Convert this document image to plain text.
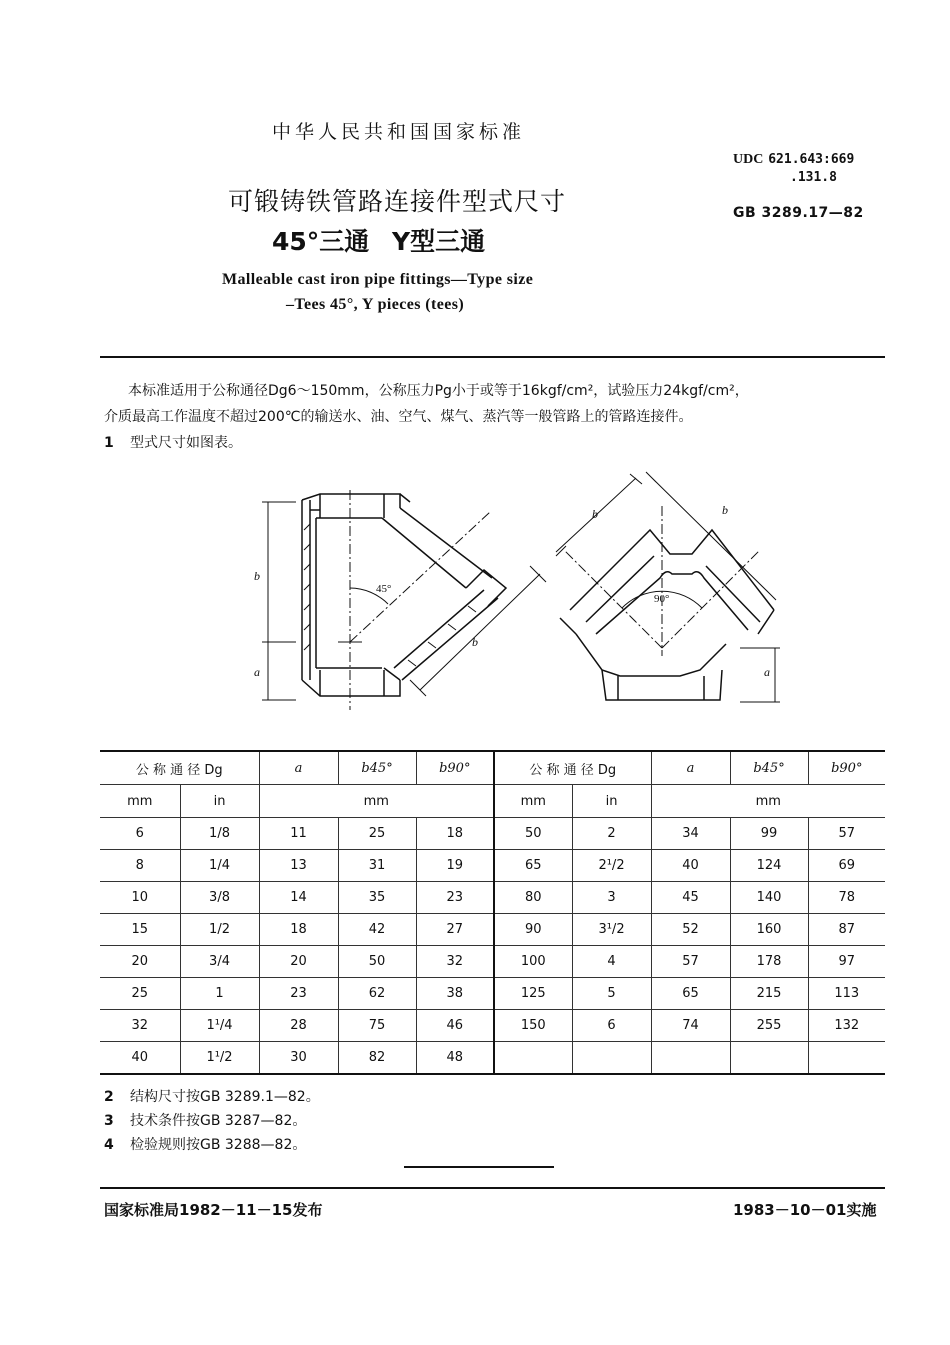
中华人民共和国国家标准
UDC 621.643:669
.131.8
GB 3289.17—82
可锻铸铁管路连接件型式尺寸
45°三通 Y型三通
Malleable cast iron pipe fittings—Type size
–Tees 45°, Y pieces (tees)
本标准适用于公称通径Dg6～150mm，公称压力Pg小于或等于16kgf/cm²，试验压力24kgf/cm²，
介质最高工作温度不超过200℃的输送水、油、空气、煤气、蒸汽等一般管路上的管路连接件。
1 型式尺寸如图表。
b
a
b
b	b
a
45°
90°
公 称 通 径 Dg		a	b45°	b90°	公 称 通 径 Dg		a	b45°	b90°
mm	in	mm			mm	in	mm		
6	1/8	11	25	18	50	2	34	99	57
8	1/4	13	31	19	65	2¹/2	40	124	69
10	3/8	14	35	23	80	3	45	140	78
15	1/2	18	42	27	90	3¹/2	52	160	87
20	3/4	20	50	32	100	4	57	178	97
25	1	23	62	38	125	5	65	215	113
32	1¹/4	28	75	46	150	6	74	255	132
40	1¹/2	30	82	48					
2 结构尺寸按GB 3289.1—82。
3 技术条件按GB 3287—82。
4 检验规则按GB 3288—82。
国家标准局1982－11－15发布	1983－10－01实施
